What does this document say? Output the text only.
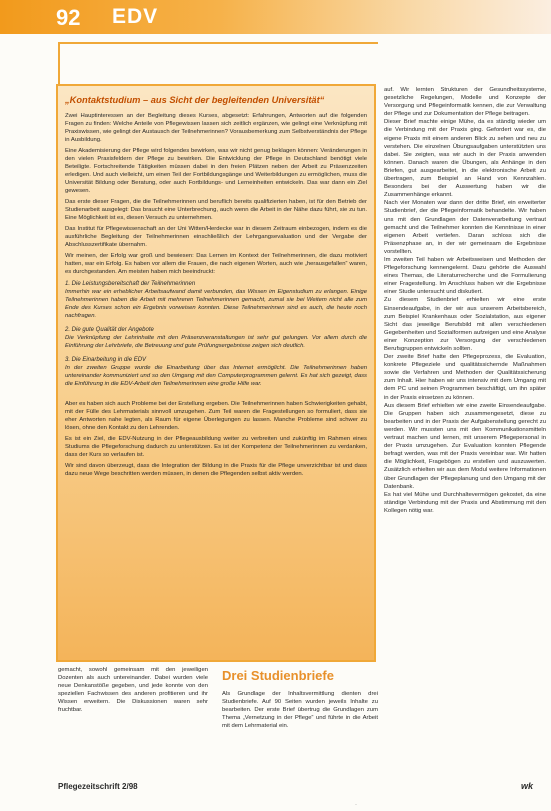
92 EDV
„Kontaktstudium – aus Sicht der begleitenden Universität“

Zwei Hauptinteressen an der Begleitung dieses Kurses, abgesetzt: Erfahrungen, Antworten auf die folgenden Fragen zu finden: Welche Anteile von Pflegewissen lassen sich zeitlich ergänzen, wie gelingt eine Verknüpfung mit Praxiswissen, wie gelingt der Austausch der Teilnehmerinnen? Vorausbemerkung zum Selbstverständnis der Pflege in Ausbildung.

Eine Akademisierung der Pflege wird folgendes bewirken, was wir nicht genug beklagen können: Veränderungen in den vielen Praxisfeldern der Pflege zu bewirken. Die Entwicklung der Pflege in Deutschland benötigt viele Beteiligte. Fortschreitende Tätigkeiten müssen dabei in den freien Plätzen neben der Arbeit zu Präsenzzeiten erledigen. Und auch vielleicht, um einen Teil der Fortbildungsgänge und Weiterbildungen zu ermöglichen, muss die Universität Bildung oder Beratung, oder auch Fortbildungs- und Lerneinheiten entwickeln. Das war dann ein Ziel gewesen.

Das erste dieser Fragen, die die Teilnehmerinnen und beruflich bereits qualifizierten haben, ist für den Betrieb der Studienarbeit ausgelegt: Das braucht eine Unterbrechung, auch wenn die Arbeit in der Nähe dazu führt, sie zu tun. Eine Möglichkeit ist es, diesen Versuch zu unternehmen.

Das Institut für Pflegewissenschaft an der Uni Witten/Herdecke war in diesem Zeitraum einbezogen, indem es die ausführliche Begleitung der Teilnehmerinnen einschließlich der Lehrgangsevaluation und der Vergabe der Abschlusszertifikate übernahm.

Wir meinen, der Erfolg war groß und bewiesen: Das Lernen im Kontext der Teilnehmerinnen, die dazu motiviert hatten, war ein Erfolg. Es haben vor allem die Frauen, die nach eigenen Worten, auch wie „herausgefallen“ waren, es durchgestanden. Am meisten haben mich beeindruckt:

1. Die Leistungsbereitschaft der Teilnehmerinnen
Immerhin war ein erheblicher Arbeitsaufwand damit verbunden, das Wissen im Eigenstudium zu erlangen. Einige Teilnehmerinnen haben die Arbeit mit mehreren Teilnehmerinnen gemacht, zumal sie bei Weitem nicht alle zum Ende des Kurses schon ein Ergebnis vorweisen konnten. Diese Teilnehmerinnen sind es auch, die heute noch nachfragen.
2. Die gute Qualität der Angebote
Die Verknüpfung der Lehrinhalte mit den Präsenzveranstaltungen ist sehr gut gelungen. Vor allem durch die Einführung der Lehrbriefe, die Betreuung und gute Prüfungsergebnisse zeigen sich deutlich.
3. Die Einarbeitung in die EDV
In der zweiten Gruppe wurde die Einarbeitung über das Internet ermöglicht. Die Teilnehmerinnen haben untereinander kommuniziert und so den Umgang mit den Computerprogrammen gelernt. Es hat sich gezeigt, dass die Einführung in die EDV-Arbeit den Teilnehmerinnen eine große Hilfe war.

Aber es haben sich auch Probleme bei der Erstellung ergeben. Die Teilnehmerinnen haben Schwierigkeiten gehabt, mit der Fülle des Lehrmaterials sinnvoll umzugehen. Zum Teil waren die Fragestellungen so formuliert, dass sie eher Antworten nahe legten, als Raum für eigene Überlegungen zu lassen. Manche Probleme sind schwer zu lösen, ohne den Kontakt zu den Lehrenden.

Es ist ein Ziel, die EDV-Nutzung in der Pflegeausbildung weiter zu verbreiten und zukünftig im Rahmen eines Studiums die Pflegeforschung dadurch zu unterstützen. Es ist der Kompetenz der Teilnehmerinnen zu verdanken, dass der Kurs so verlaufen ist.

Wir sind davon überzeugt, dass die Integration der Bildung in die Praxis für die Pflege unverzichtbar ist und dass dazu neue Wege beschritten werden müssen, in denen die Pflegenden selbst aktiv werden.

auf. Wir lernten Strukturen der Gesundheitssysteme, gesetzliche Regelungen, Modelle und Konzepte der Versorgung und Pflegeinformatik kennen, die zur Verwaltung der Pflege und zur Dokumentation der Pflege beitragen.

Dieser Brief machte einige Mühe, da es ständig wieder um die Verbindung mit der Praxis ging. Gefordert war es, die eigene Praxis mit einem anderen Blick zu sehen und neu zu verstehen. Die einzelnen Übungsaufgaben unterstützten uns dabei. Sie zeigten, was wir auch in der Praxis anwenden können. Danach waren die Übungen, als Anhänge in den Briefen, gut ausgearbeitet, in die elektronische Arbeit zu übertragen, zum Beispiel an Hand von Kennzahlen. Besonders bei der Auswertung haben wir die Zusammenhänge erkannt.

Nach vier Monaten war dann der dritte Brief, ein erweiterter Studienbrief, der die Pflegeinformatik behandelte. Wir haben uns mit den Grundlagen der Datenverarbeitung vertraut gemacht und die Teilnehmer konnten die Kenntnisse in einer eigenen Arbeit vertiefen. Daran schloss sich die Präsenzphase an, in der wir gemeinsam die Ergebnisse vorstellten.

Im zweiten Teil haben wir Arbeitsweisen und Methoden der Pflegeforschung kennengelernt. Dazu gehörte die Auswahl eines Themas, die Literaturrecherche und die Formulierung einer Fragestellung. Im Anschluss haben wir die Ergebnisse einer Studie untersucht und diskutiert.

Zu diesem Studienbrief erhielten wir eine erste Einsendeaufgabe, in der wir aus unserem Arbeitsbereich, zum Beispiel Krankenhaus oder Sozialstation, aus eigener Sicht das jeweilige Berufsbild mit allen verschiedenen Gegebenheiten und Sozialformen aufzeigen und eine Analyse einer Konzeption zur Versorgung der verschiedenen Berufsgruppen entwickeln sollten.

Der zweite Brief hatte den Pflegeprozess, die Evaluation, konkrete Pflegeziele und qualitätssichernde Maßnahmen sowie die Verfahren und Methoden der Qualitätssicherung zum Inhalt. Hier haben wir uns intensiv mit dem Umgang mit dem PC und seinen Programmen beschäftigt, um ihn später in der Praxis einsetzen zu können.

Aus diesem Brief erhielten wir eine zweite Einsendeaufgabe. Die Gruppen haben sich zusammengesetzt, diese zu bearbeiten und in der Praxis der Aufgabenstellung gerecht zu werden. Wir mussten uns mit den Kommunikationsmitteln vertraut machen und lernen, mit unserem Pflegepersonal in der Praxis umzugehen. Zur Evaluation konnten Pflegende befragt werden, was mit der Praxis vereinbar war. Wir hatten die Möglichkeit, Fragebögen zu erstellen und auszuwerten. Zusätzlich erhielten wir aus dem Modul weitere Informationen über Grundlagen der Pflegeplanung und den Umgang mit der Datenbank.

Es hat viel Mühe und Durchhaltevermögen gekostet, da eine ständige Verbindung mit der Praxis und Abstimmung mit den Kollegen nötig war.

gemacht, sowohl gemeinsam mit den jeweiligen Dozenten als auch untereinander. Dabei wurden viele neue Denkanstöße gegeben, und jede konnte von den speziellen Fachwissen des anderen profitieren und ihr Wissen erweitern. Die Diskussionen waren sehr fruchtbar.

Drei Studienbriefe

Als Grundlage der Inhaltsvermittlung dienten drei Studienbriefe. Auf 90 Seiten wurden jeweils Inhalte zu bearbeiten. Der erste Brief übertrug die Grundlagen zum Thema „Vernetzung in der Pflege“ und führte in die Arbeit mit dem Lehrmaterial ein.

Pflegezeitschrift 2/98	wk
·
